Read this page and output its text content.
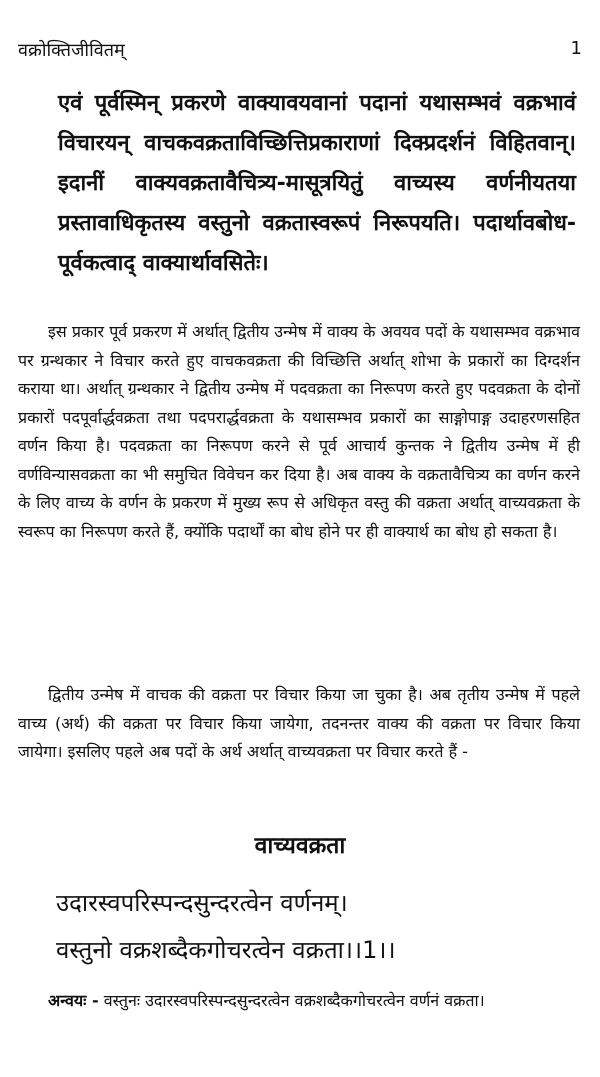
वक्रोक्तिजीवितम्	1
एवं पूर्वस्मिन् प्रकरणे वाक्यावयवानां पदानां यथासम्भवं वक्रभावं विचारयन् वाचकवक्रताविच्छित्तिप्रकाराणां दिक्प्रदर्शनं विहितवान्। इदानीं वाक्यवक्रतावैचित्र्य-मासूत्रयितुं वाच्यस्य वर्णनीयतया प्रस्तावाधिकृतस्य वस्तुनो वक्रतास्वरूपं निरूपयति। पदार्थावबोध-पूर्वकत्वाद् वाक्यार्थावसितेः।
इस प्रकार पूर्व प्रकरण में अर्थात् द्वितीय उन्मेष में वाक्य के अवयव पदों के यथासम्भव वक्रभाव पर ग्रन्थकार ने विचार करते हुए वाचकवक्रता की विच्छित्ति अर्थात् शोभा के प्रकारों का दिग्दर्शन कराया था। अर्थात् ग्रन्थकार ने द्वितीय उन्मेष में पदवक्रता का निरूपण करते हुए पदवक्रता के दोनों प्रकारों पदपूर्वार्द्धवक्रता तथा पदपरार्द्धवक्रता के यथासम्भव प्रकारों का साङ्गोपाङ्ग उदाहरणसहित वर्णन किया है। पदवक्रता का निरूपण करने से पूर्व आचार्य कुन्तक ने द्वितीय उन्मेष में ही वर्णविन्यासवक्रता का भी समुचित विवेचन कर दिया है। अब वाक्य के वक्रतावैचित्र्य का वर्णन करने के लिए वाच्य के वर्णन के प्रकरण में मुख्य रूप से अधिकृत वस्तु की वक्रता अर्थात् वाच्यवक्रता के स्वरूप का निरूपण करते हैं, क्योंकि पदार्थों का बोध होने पर ही वाक्यार्थ का बोध हो सकता है।
द्वितीय उन्मेष में वाचक की वक्रता पर विचार किया जा चुका है। अब तृतीय उन्मेष में पहले वाच्य (अर्थ) की वक्रता पर विचार किया जायेगा, तदनन्तर वाक्य की वक्रता पर विचार किया जायेगा। इसलिए पहले अब पदों के अर्थ अर्थात् वाच्यवक्रता पर विचार करते हैं -
वाच्यवक्रता
उदारस्वपरिस्पन्दसुन्दरत्वेन वर्णनम्।
वस्तुनो वक्रशब्दैकगोचरत्वेन वक्रता।।1।।
अन्वयः - वस्तुनः उदारस्वपरिस्पन्दसुन्दरत्वेन वक्रशब्दैकगोचरत्वेन वर्णनं वक्रता।
